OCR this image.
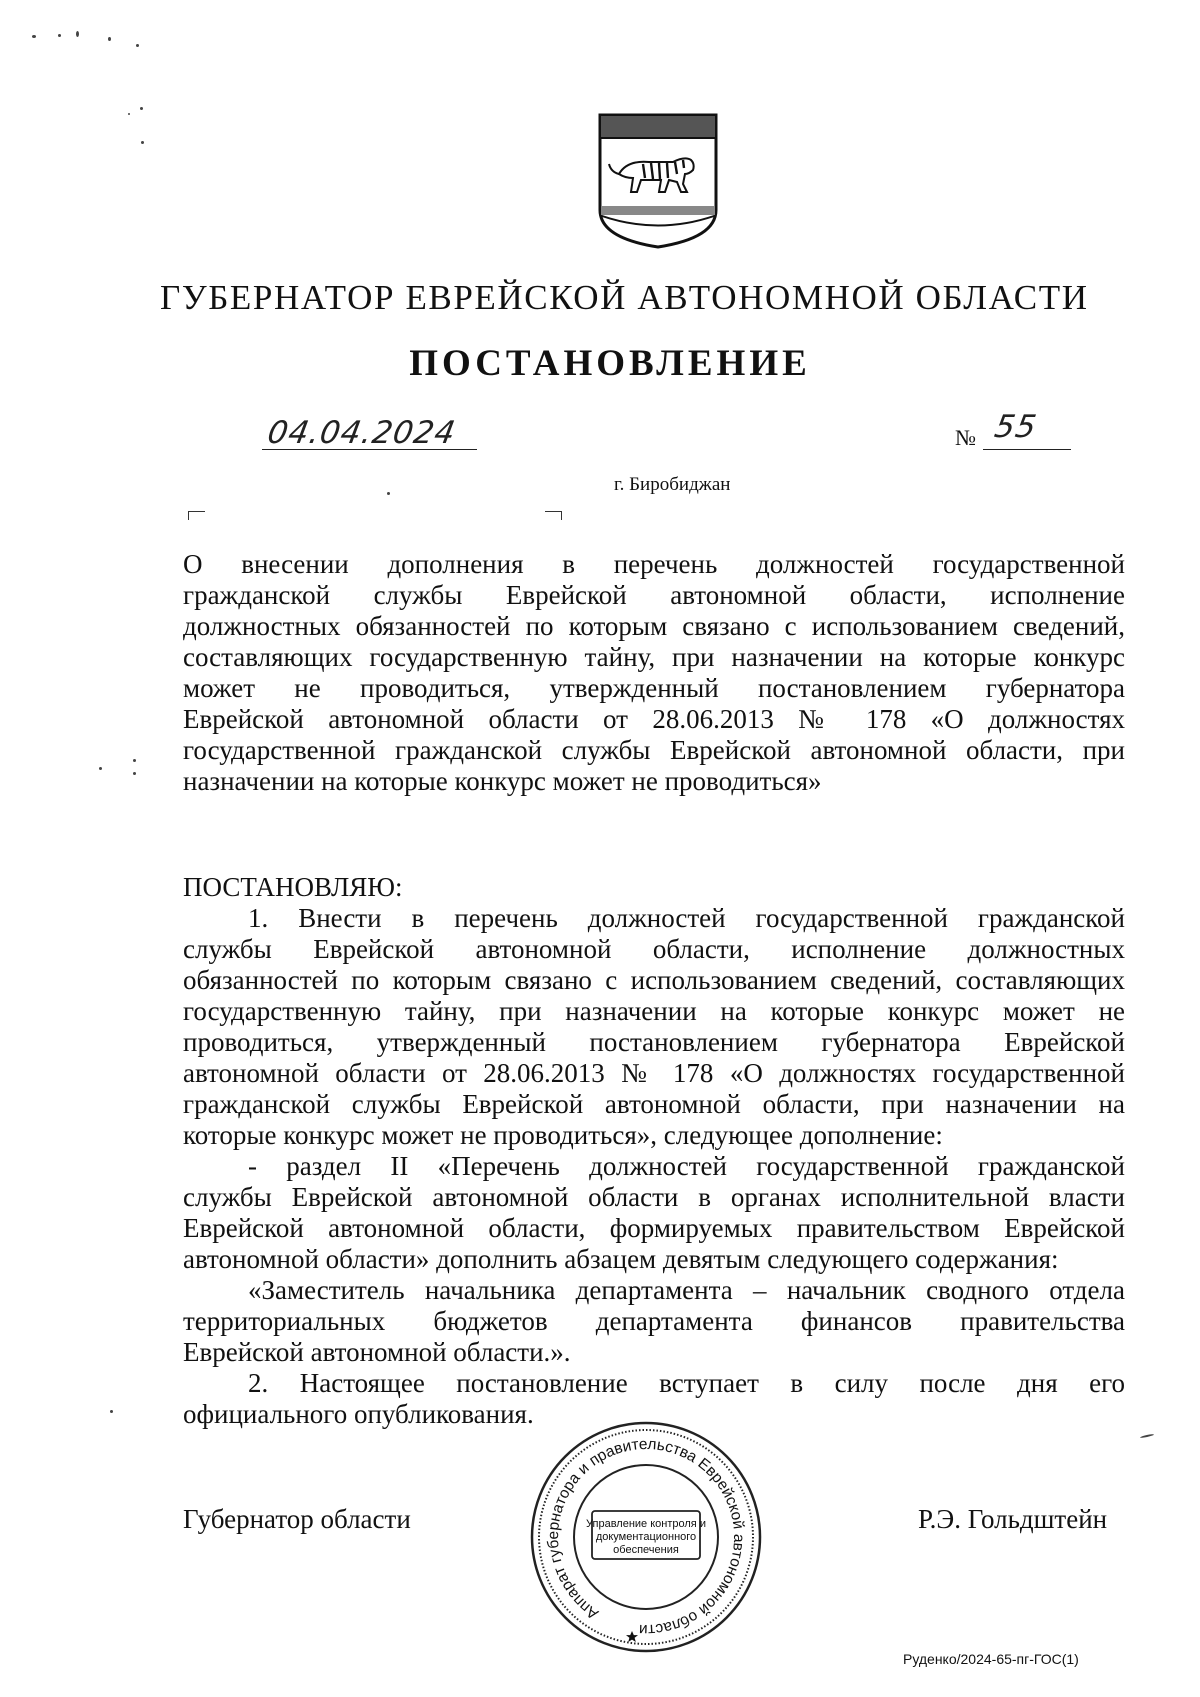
ГУБЕРНАТОР ЕВРЕЙСКОЙ АВТОНОМНОЙ ОБЛАСТИ
ПОСТАНОВЛЕНИЕ
04.04.2024	№ 55
г. Биробиджан
О внесении дополнения в перечень должностей государственной
гражданской службы Еврейской автономной области, исполнение
должностных обязанностей по которым связано с использованием сведений,
составляющих государственную тайну, при назначении на которые конкурс
может не проводиться, утвержденный постановлением губернатора
Еврейской автономной области от 28.06.2013 № 178 «О должностях
государственной гражданской службы Еврейской автономной области, при
назначении на которые конкурс может не проводиться»
ПОСТАНОВЛЯЮ:
1. Внести в перечень должностей государственной гражданской
службы Еврейской автономной области, исполнение должностных
обязанностей по которым связано с использованием сведений, составляющих
государственную тайну, при назначении на которые конкурс может не
проводиться, утвержденный постановлением губернатора Еврейской
автономной области от 28.06.2013 № 178 «О должностях государственной
гражданской службы Еврейской автономной области, при назначении на
которые конкурс может не проводиться», следующее дополнение:
- раздел II «Перечень должностей государственной гражданской
службы Еврейской автономной области в органах исполнительной власти
Еврейской автономной области, формируемых правительством Еврейской
автономной области» дополнить абзацем девятым следующего содержания:
«Заместитель начальника департамента – начальник сводного отдела
территориальных бюджетов департамента финансов правительства
Еврейской автономной области.».
2. Настоящее постановление вступает в силу после дня его
официального опубликования.
Губернатор области	Р.Э. Гольдштейн
Аппарат губернатора и правительства Еврейской автономной области
Управление контроля и
документационного
обеспечения
Руденко/2024-65-пг-ГОС(1)
